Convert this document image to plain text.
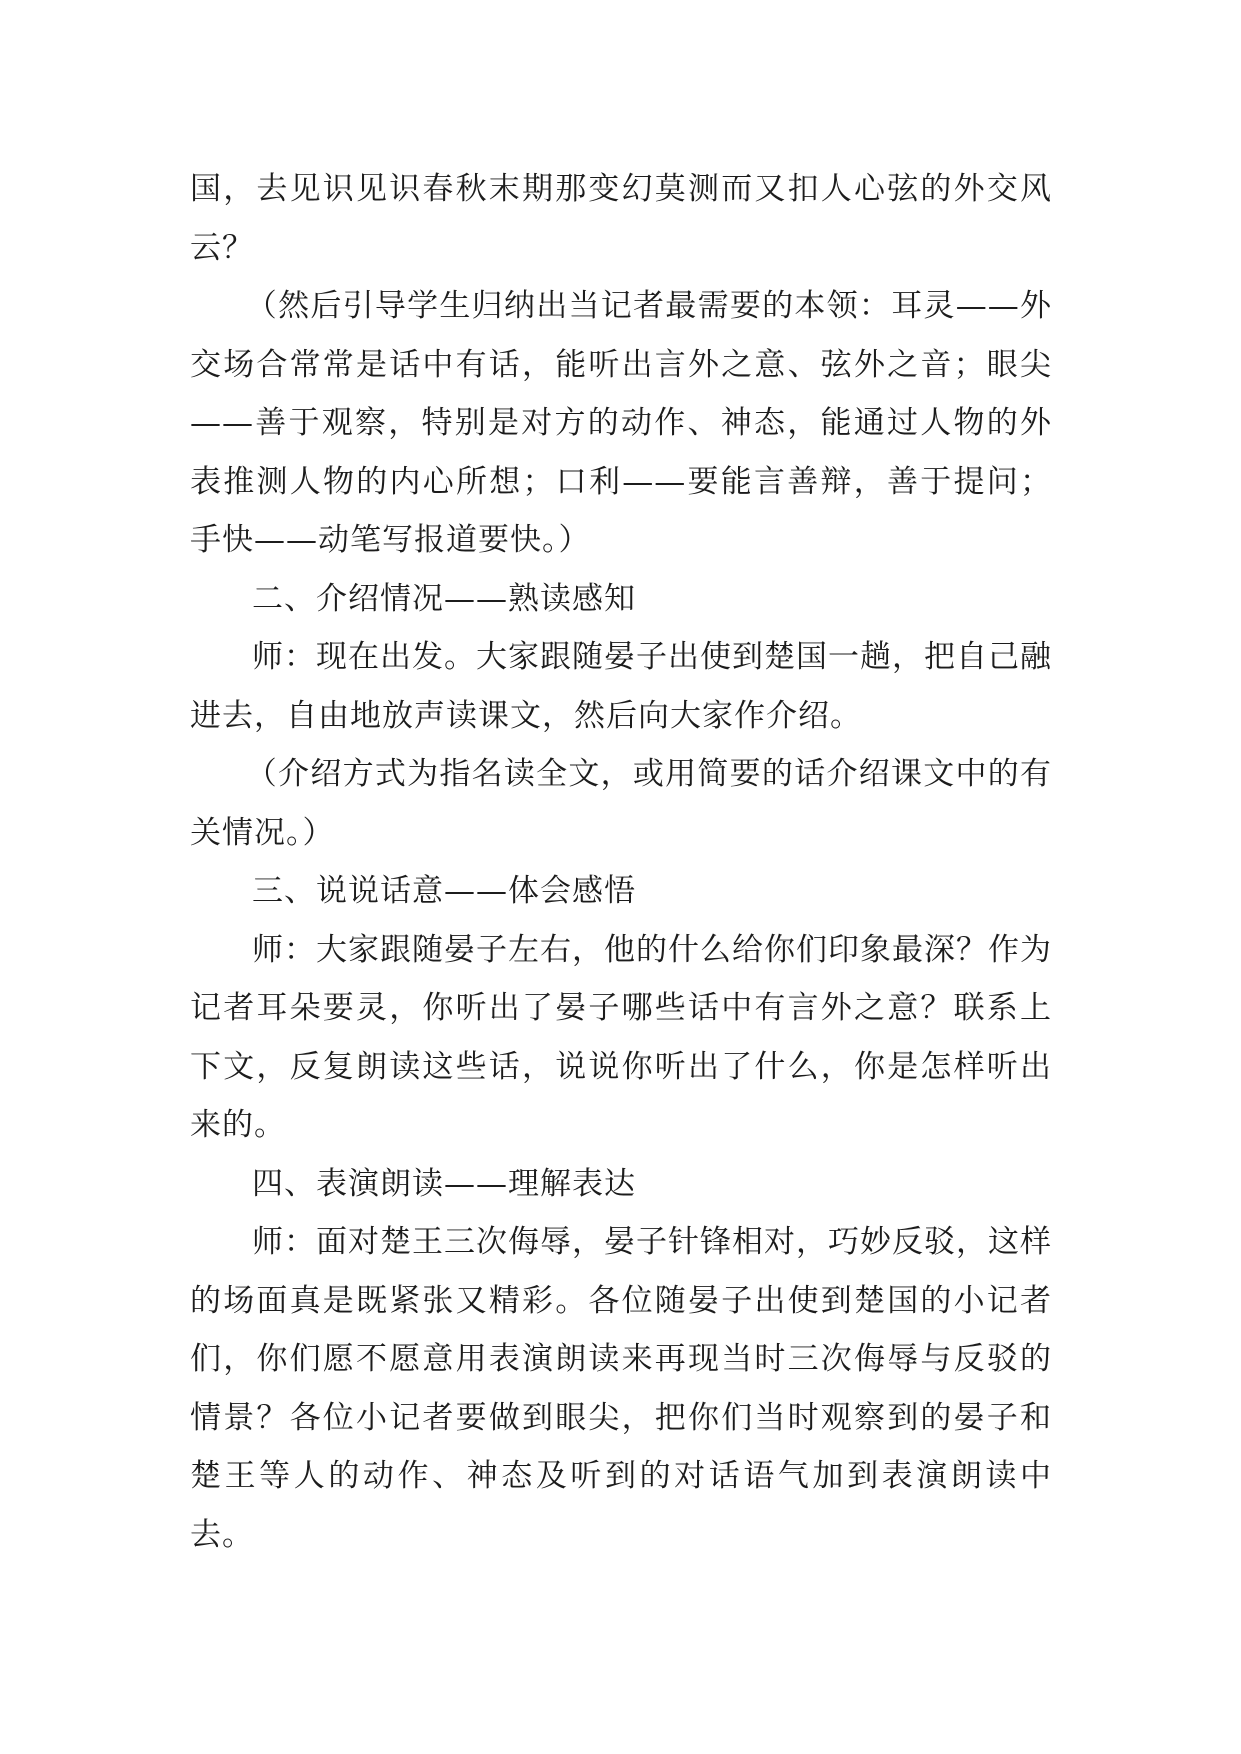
国，去见识见识春秋末期那变幻莫测而又扣人心弦的外交风云？

（然后引导学生归纳出当记者最需要的本领：耳灵——外交场合常常是话中有话，能听出言外之意、弦外之音；眼尖——善于观察，特别是对方的动作、神态，能通过人物的外表推测人物的内心所想；口利——要能言善辩，善于提问；手快——动笔写报道要快。）

二、介绍情况——熟读感知

师：现在出发。大家跟随晏子出使到楚国一趟，把自己融进去，自由地放声读课文，然后向大家作介绍。

（介绍方式为指名读全文，或用简要的话介绍课文中的有关情况。）

三、说说话意——体会感悟

师：大家跟随晏子左右，他的什么给你们印象最深？作为记者耳朵要灵，你听出了晏子哪些话中有言外之意？联系上下文，反复朗读这些话，说说你听出了什么，你是怎样听出来的。

四、表演朗读——理解表达

师：面对楚王三次侮辱，晏子针锋相对，巧妙反驳，这样的场面真是既紧张又精彩。各位随晏子出使到楚国的小记者们，你们愿不愿意用表演朗读来再现当时三次侮辱与反驳的情景？各位小记者要做到眼尖，把你们当时观察到的晏子和楚王等人的动作、神态及听到的对话语气加到表演朗读中去。
